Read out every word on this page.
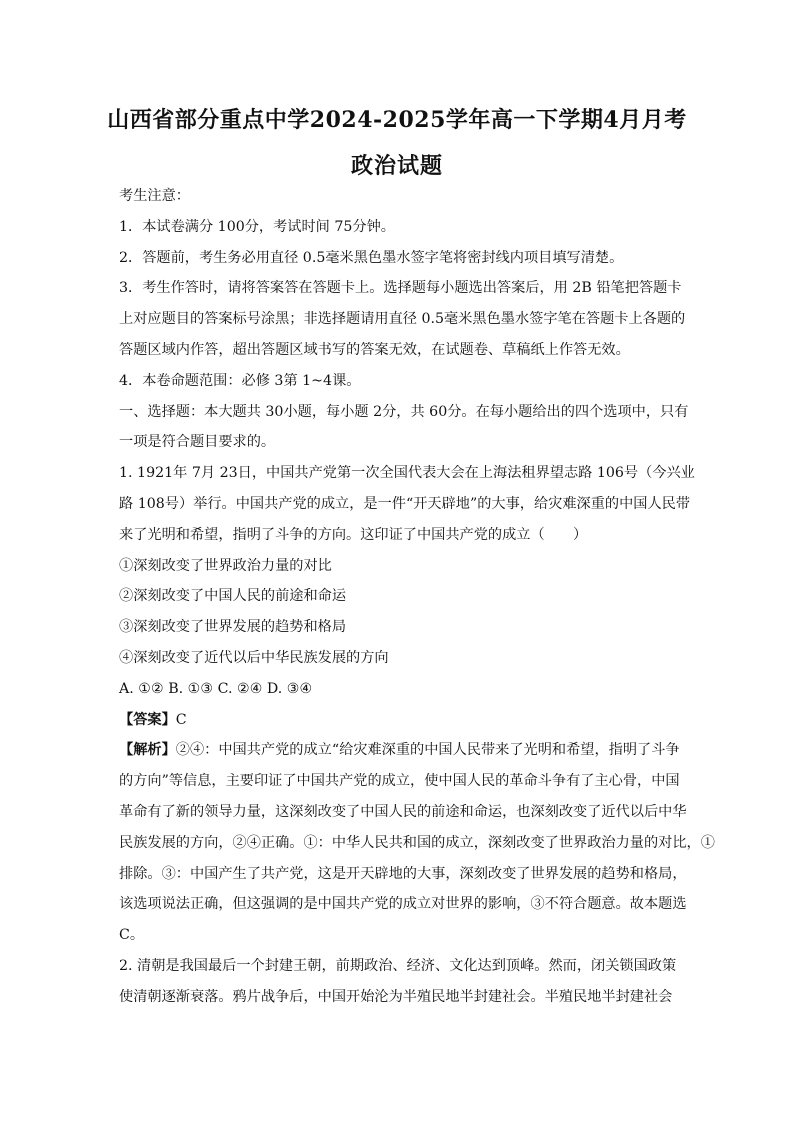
山西省部分重点中学2024-2025学年高一下学期4月月考
政治试题

考生注意：

1．本试卷满分 100分，考试时间 75分钟。

2．答题前，考生务必用直径 0.5毫米黑色墨水签字笔将密封线内项目填写清楚。

3．考生作答时，请将答案答在答题卡上。选择题每小题选出答案后，用 2B 铅笔把答题卡

上对应题目的答案标号涂黑；非选择题请用直径 0.5毫米黑色墨水签字笔在答题卡上各题的

答题区域内作答，超出答题区域书写的答案无效，在试题卷、草稿纸上作答无效。

4．本卷命题范围：必修 3第 1~4课。

一、选择题：本大题共 30小题，每小题 2分，共 60分。在每小题给出的四个选项中，只有

一项是符合题目要求的。

1. 1921年 7月 23日，中国共产党第一次全国代表大会在上海法租界望志路 106号（今兴业

路 108号）举行。中国共产党的成立，是一件“开天辟地”的大事，给灾难深重的中国人民带

来了光明和希望，指明了斗争的方向。这印证了中国共产党的成立（　　）

①深刻改变了世界政治力量的对比

②深刻改变了中国人民的前途和命运

③深刻改变了世界发展的趋势和格局

④深刻改变了近代以后中华民族发展的方向

A. ①② B. ①③ C. ②④ D. ③④

【答案】C

【解析】②④：中国共产党的成立“给灾难深重的中国人民带来了光明和希望，指明了斗争

的方向”等信息，主要印证了中国共产党的成立，使中国人民的革命斗争有了主心骨，中国

革命有了新的领导力量，这深刻改变了中国人民的前途和命运，也深刻改变了近代以后中华

民族发展的方向，②④正确。①：中华人民共和国的成立，深刻改变了世界政治力量的对比，①

排除。③：中国产生了共产党，这是开天辟地的大事，深刻改变了世界发展的趋势和格局，

该选项说法正确，但这强调的是中国共产党的成立对世界的影响，③不符合题意。故本题选

C。

2. 清朝是我国最后一个封建王朝，前期政治、经济、文化达到顶峰。然而，闭关锁国政策

使清朝逐渐衰落。鸦片战争后，中国开始沦为半殖民地半封建社会。半殖民地半封建社会
